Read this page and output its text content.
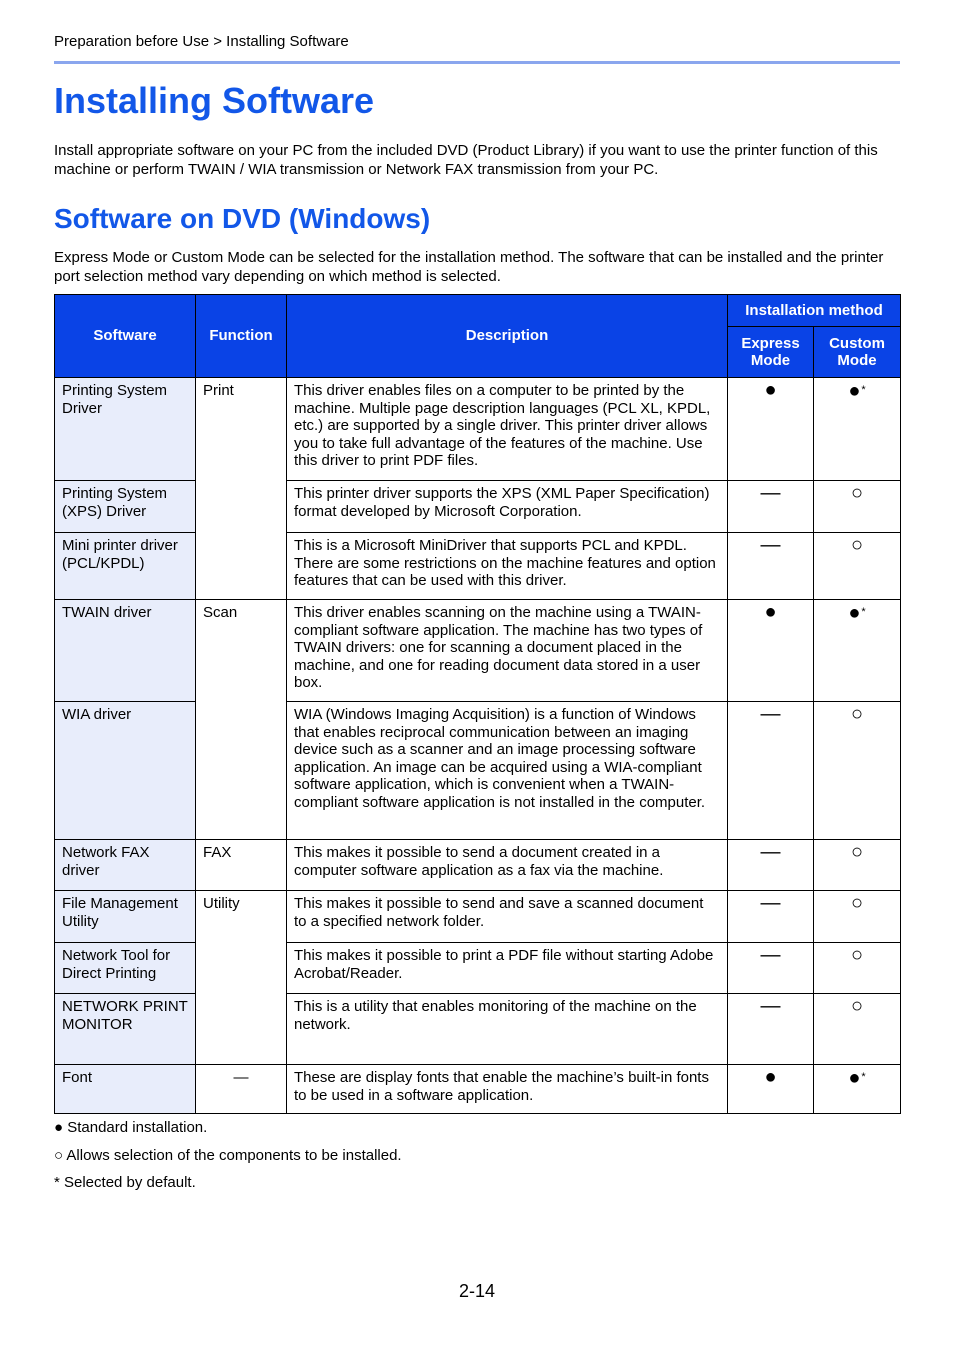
Preparation before Use > Installing Software
Installing Software

Install appropriate software on your PC from the included DVD (Product Library) if you want to use the printer function of this machine or perform TWAIN / WIA transmission or Network FAX transmission from your PC.

Software on DVD (Windows)

Express Mode or Custom Mode can be selected for the installation method. The software that can be installed and the printer port selection method vary depending on which method is selected.

Software	Function	Description	Installation method	
			Express Mode	Custom Mode
Printing System Driver	Print	This driver enables files on a computer to be printed by the machine. Multiple page description languages (PCL XL, KPDL, etc.) are supported by a single driver. This printer driver allows you to take full advantage of the features of the machine. Use this driver to print PDF files.	●	●*
Printing System (XPS) Driver		This printer driver supports the XPS (XML Paper Specification) format developed by Microsoft Corporation.	—	○
Mini printer driver (PCL/KPDL)		This is a Microsoft MiniDriver that supports PCL and KPDL. There are some restrictions on the machine features and option features that can be used with this driver.	—	○
TWAIN driver	Scan	This driver enables scanning on the machine using a TWAIN-compliant software application. The machine has two types of TWAIN drivers: one for scanning a document placed in the machine, and one for reading document data stored in a user box.	●	●*
WIA driver		WIA (Windows Imaging Acquisition) is a function of Windows that enables reciprocal communication between an imaging device such as a scanner and an image processing software application. An image can be acquired using a WIA-compliant software application, which is convenient when a TWAIN-compliant software application is not installed in the computer.	—	○
Network FAX driver	FAX	This makes it possible to send a document created in a computer software application as a fax via the machine.	—	○
File Management Utility	Utility	This makes it possible to send and save a scanned document to a specified network folder.	—	○
Network Tool for Direct Printing		This makes it possible to print a PDF file without starting Adobe Acrobat/Reader.	—	○
NETWORK PRINT MONITOR		This is a utility that enables monitoring of the machine on the network.	—	○
Font	—	These are display fonts that enable the machine’s built-in fonts to be used in a software application.	●	●*
● Standard installation.
○ Allows selection of the components to be installed.
* Selected by default.
2-14
